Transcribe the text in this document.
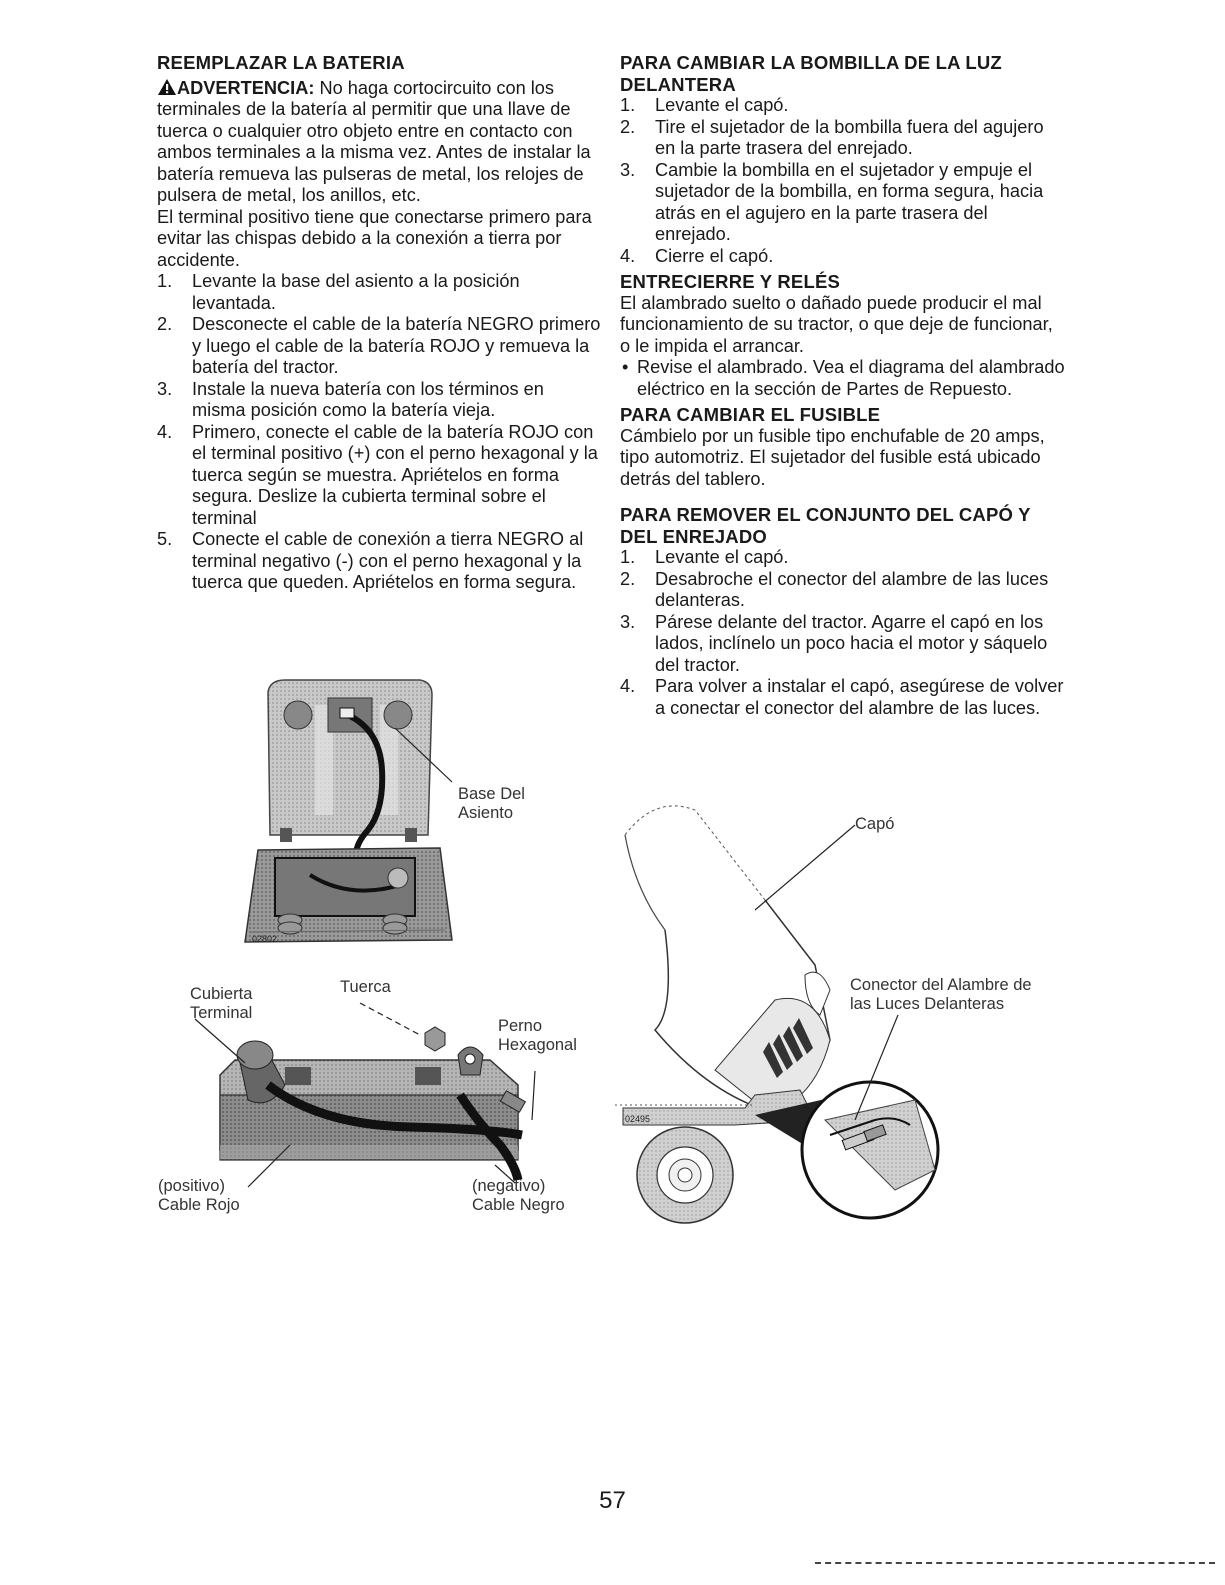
REEMPLAZAR LA BATERIA

ADVERTENCIA: No haga cortocircuito con los terminales de la batería al permitir que una llave de tuerca o cualquier otro objeto entre en contacto con ambos terminales a la misma vez. Antes de instalar la batería remueva las pulseras de metal, los relojes de pulsera de metal, los anillos, etc.

El terminal positivo tiene que conectarse primero para evitar las chispas debido a la conexión a tierra por accidente.

1. Levante la base del asiento a la posición levantada.
2. Desconecte el cable de la batería NEGRO primero y luego el cable de la batería ROJO y remueva la batería del tractor.
3. Instale la nueva batería con los términos en misma posición como la batería vieja.
4. Primero, conecte el cable de la batería ROJO con el terminal positivo (+) con el perno hexagonal y la tuerca según se muestra. Apriételos en forma segura. Deslize la cubierta terminal sobre el terminal
5. Conecte el cable de conexión a tierra NEGRO al terminal negativo (-) con el perno hexagonal y la tuerca que queden. Apriételos en forma segura.
02802
Base Del
Asiento
Cubierta
Terminal
Tuerca
Perno
Hexagonal
(positivo)
Cable Rojo
(negativo)
Cable Negro
PARA CAMBIAR LA BOMBILLA DE LA LUZ DELANTERA
1. Levante el capó.
2. Tire el sujetador de la bombilla fuera del agujero en la parte trasera del enrejado.
3. Cambie la bombilla en el sujetador y empuje el sujetador de la bombilla, en forma segura, hacia atrás en el agujero en la parte trasera del enrejado.
4. Cierre el capó.
ENTRECIERRE Y RELÉS

El alambrado suelto o dañado puede producir el mal funcionamiento de su tractor, o que deje de funcionar, o le impida el arrancar.

• Revise el alambrado. Vea el diagrama del alambrado eléctrico en la sección de Partes de Repuesto.
PARA CAMBIAR EL FUSIBLE

Cámbielo por un fusible tipo enchufable de 20 amps, tipo automotriz. El sujetador del fusible está ubicado detrás del tablero.

PARA REMOVER EL CONJUNTO DEL CAPÓ Y DEL ENREJADO
1. Levante el capó.
2. Desabroche el conector del alambre de las luces delanteras.
3. Párese delante del tractor. Agarre el capó en los lados, inclínelo un poco hacia el motor y sáquelo del tractor.
4. Para volver a instalar el capó, asegúrese de volver a conectar el conector del alambre de las luces.
02495
Capó
Conector del Alambre de
las Luces Delanteras
57
